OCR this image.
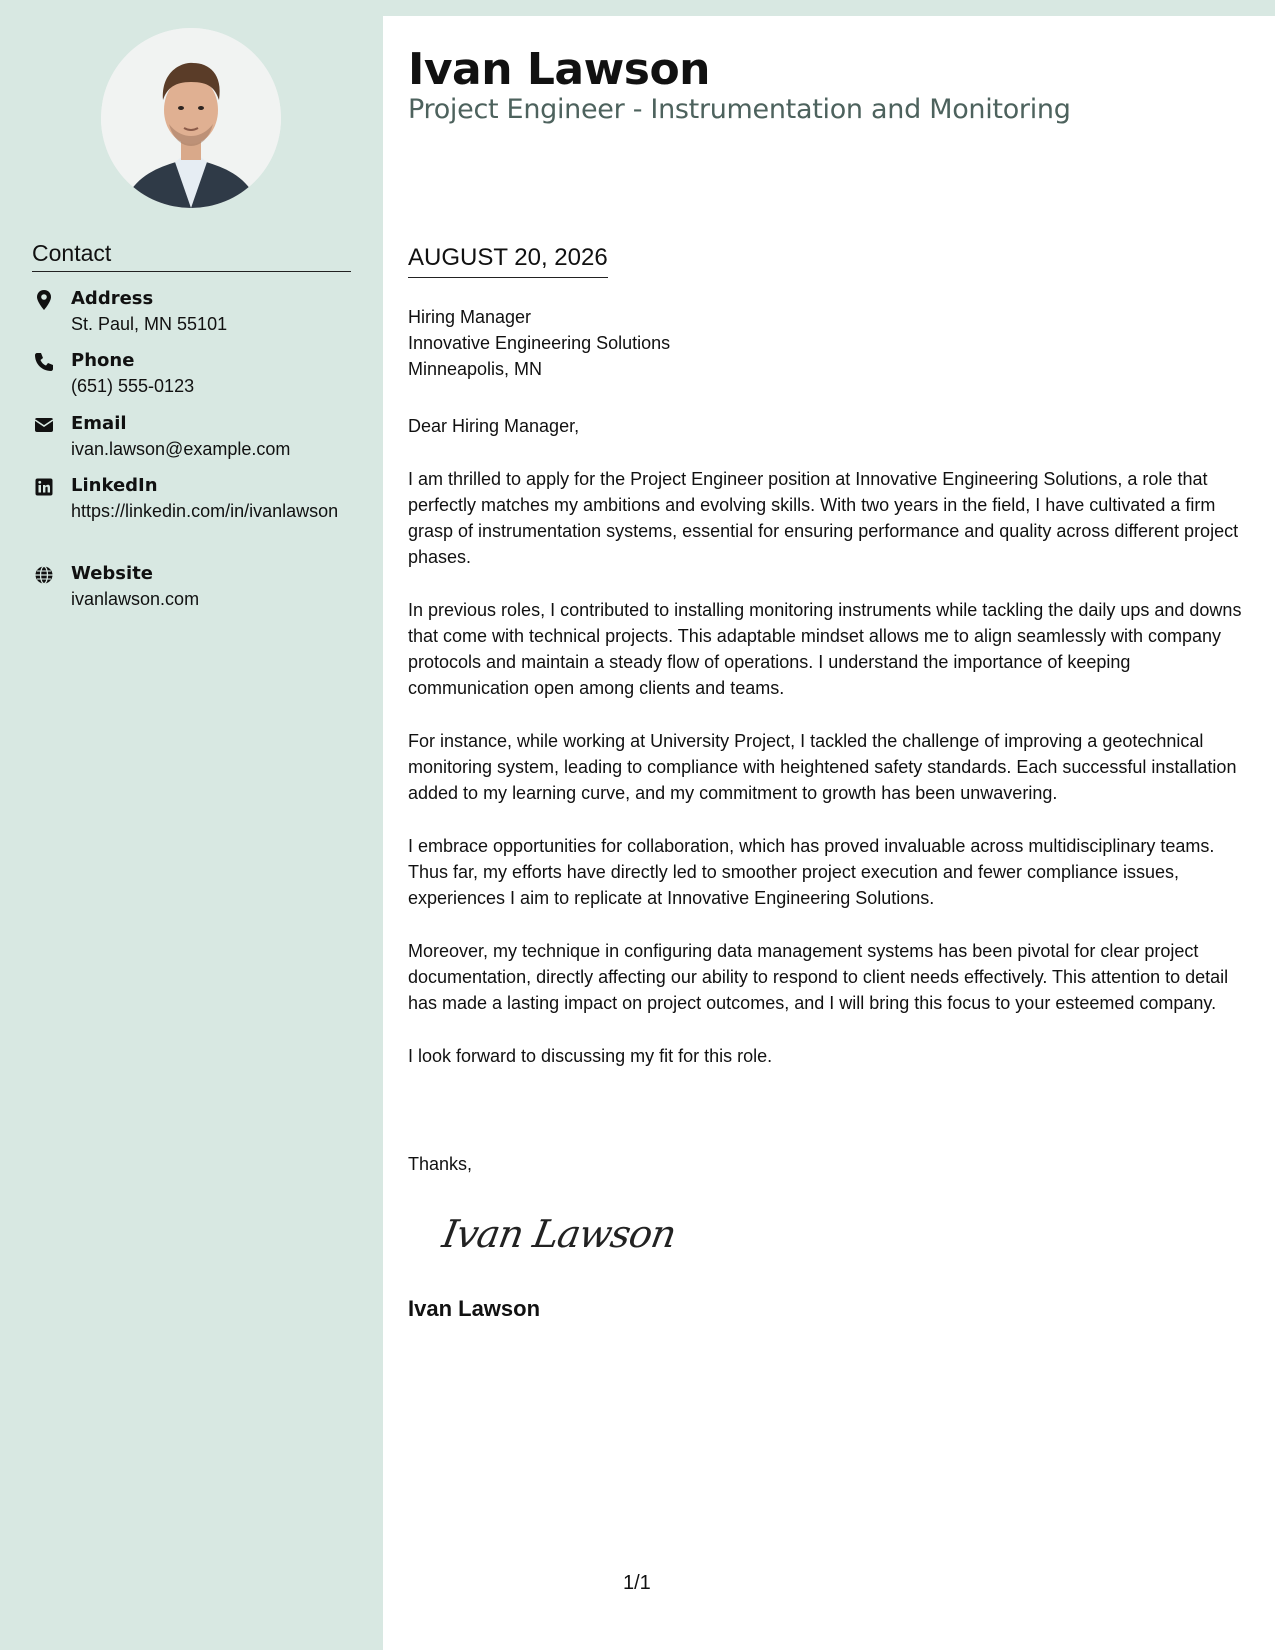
Contact
Address
St. Paul, MN 55101
Phone
(651) 555-0123
Email
ivan.lawson@example.com
LinkedIn
https://linkedin.com/in/ivanlawson
Website
ivanlawson.com
Ivan Lawson
Project Engineer - Instrumentation and Monitoring
AUGUST 20, 2026
Hiring Manager
Innovative Engineering Solutions
Minneapolis, MN

Dear Hiring Manager,

I am thrilled to apply for the Project Engineer position at Innovative Engineering Solutions, a role that perfectly matches my ambitions and evolving skills. With two years in the field, I have cultivated a firm grasp of instrumentation systems, essential for ensuring performance and quality across different project phases.

In previous roles, I contributed to installing monitoring instruments while tackling the daily ups and downs that come with technical projects. This adaptable mindset allows me to align seamlessly with company protocols and maintain a steady flow of operations. I understand the importance of keeping communication open among clients and teams.

For instance, while working at University Project, I tackled the challenge of improving a geotechnical monitoring system, leading to compliance with heightened safety standards. Each successful installation added to my learning curve, and my commitment to growth has been unwavering.

I embrace opportunities for collaboration, which has proved invaluable across multidisciplinary teams. Thus far, my efforts have directly led to smoother project execution and fewer compliance issues, experiences I aim to replicate at Innovative Engineering Solutions.

Moreover, my technique in configuring data management systems has been pivotal for clear project documentation, directly affecting our ability to respond to client needs effectively. This attention to detail has made a lasting impact on project outcomes, and I will bring this focus to your esteemed company.

I look forward to discussing my fit for this role.

Thanks,
Ivan Lawson
Ivan Lawson
1/1
